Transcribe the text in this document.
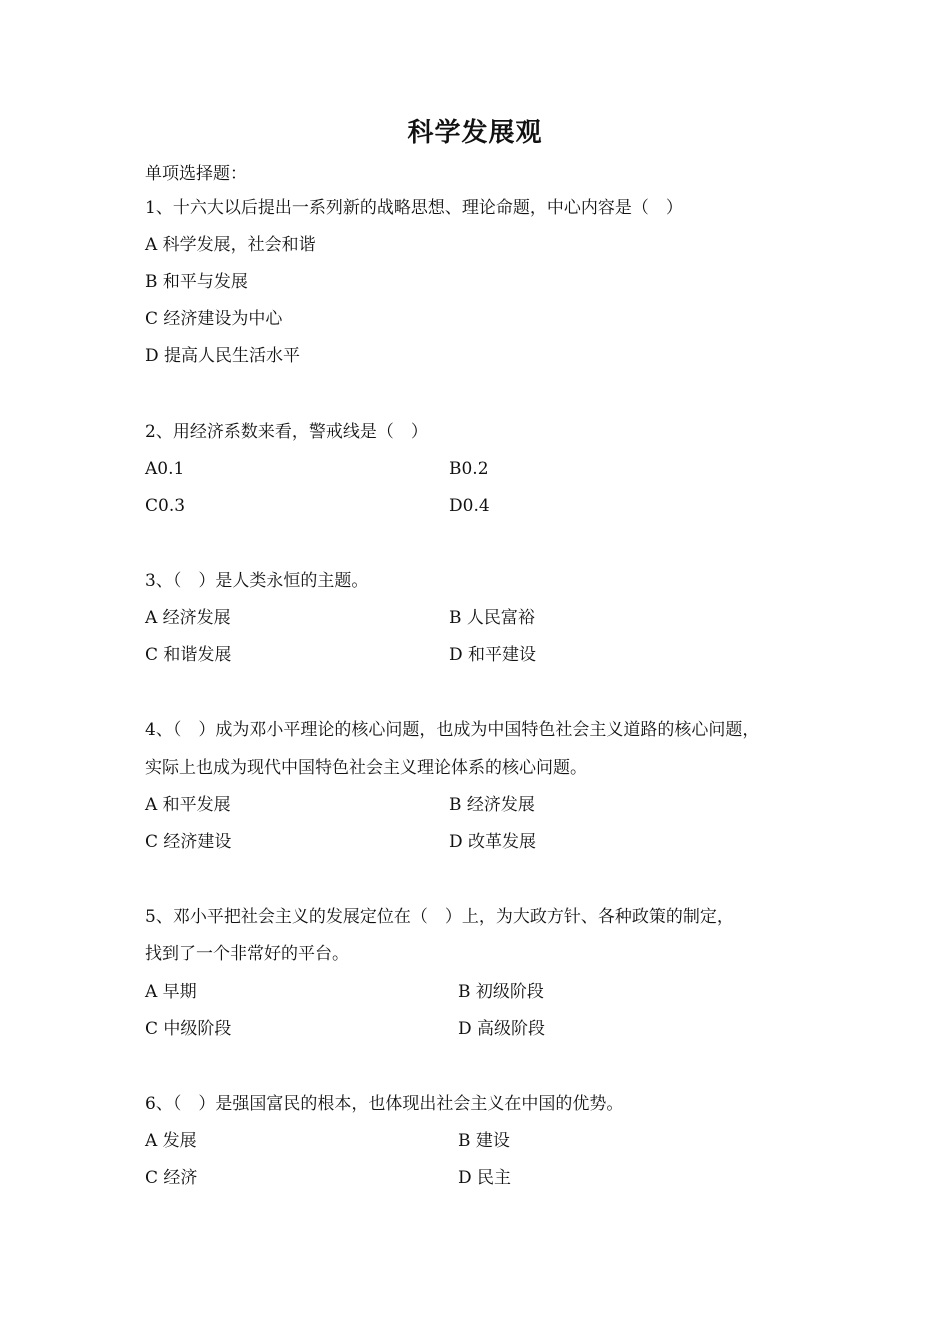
科学发展观
单项选择题：
1、十六大以后提出一系列新的战略思想、理论命题，中心内容是（　）
A 科学发展，社会和谐
B 和平与发展
C 经济建设为中心
D 提高人民生活水平
2、用经济系数来看，警戒线是（　）
A0.1	B0.2
C0.3	D0.4
3、（　）是人类永恒的主题。
A 经济发展	B 人民富裕
C 和谐发展	D 和平建设
4、（　）成为邓小平理论的核心问题，也成为中国特色社会主义道路的核心问题，
实际上也成为现代中国特色社会主义理论体系的核心问题。
A 和平发展	B 经济发展
C 经济建设	D 改革发展
5、邓小平把社会主义的发展定位在（　）上，为大政方针、各种政策的制定，
找到了一个非常好的平台。
A 早期	B 初级阶段
C 中级阶段	D 高级阶段
6、（　）是强国富民的根本，也体现出社会主义在中国的优势。
A 发展	B 建设
C 经济	D 民主
